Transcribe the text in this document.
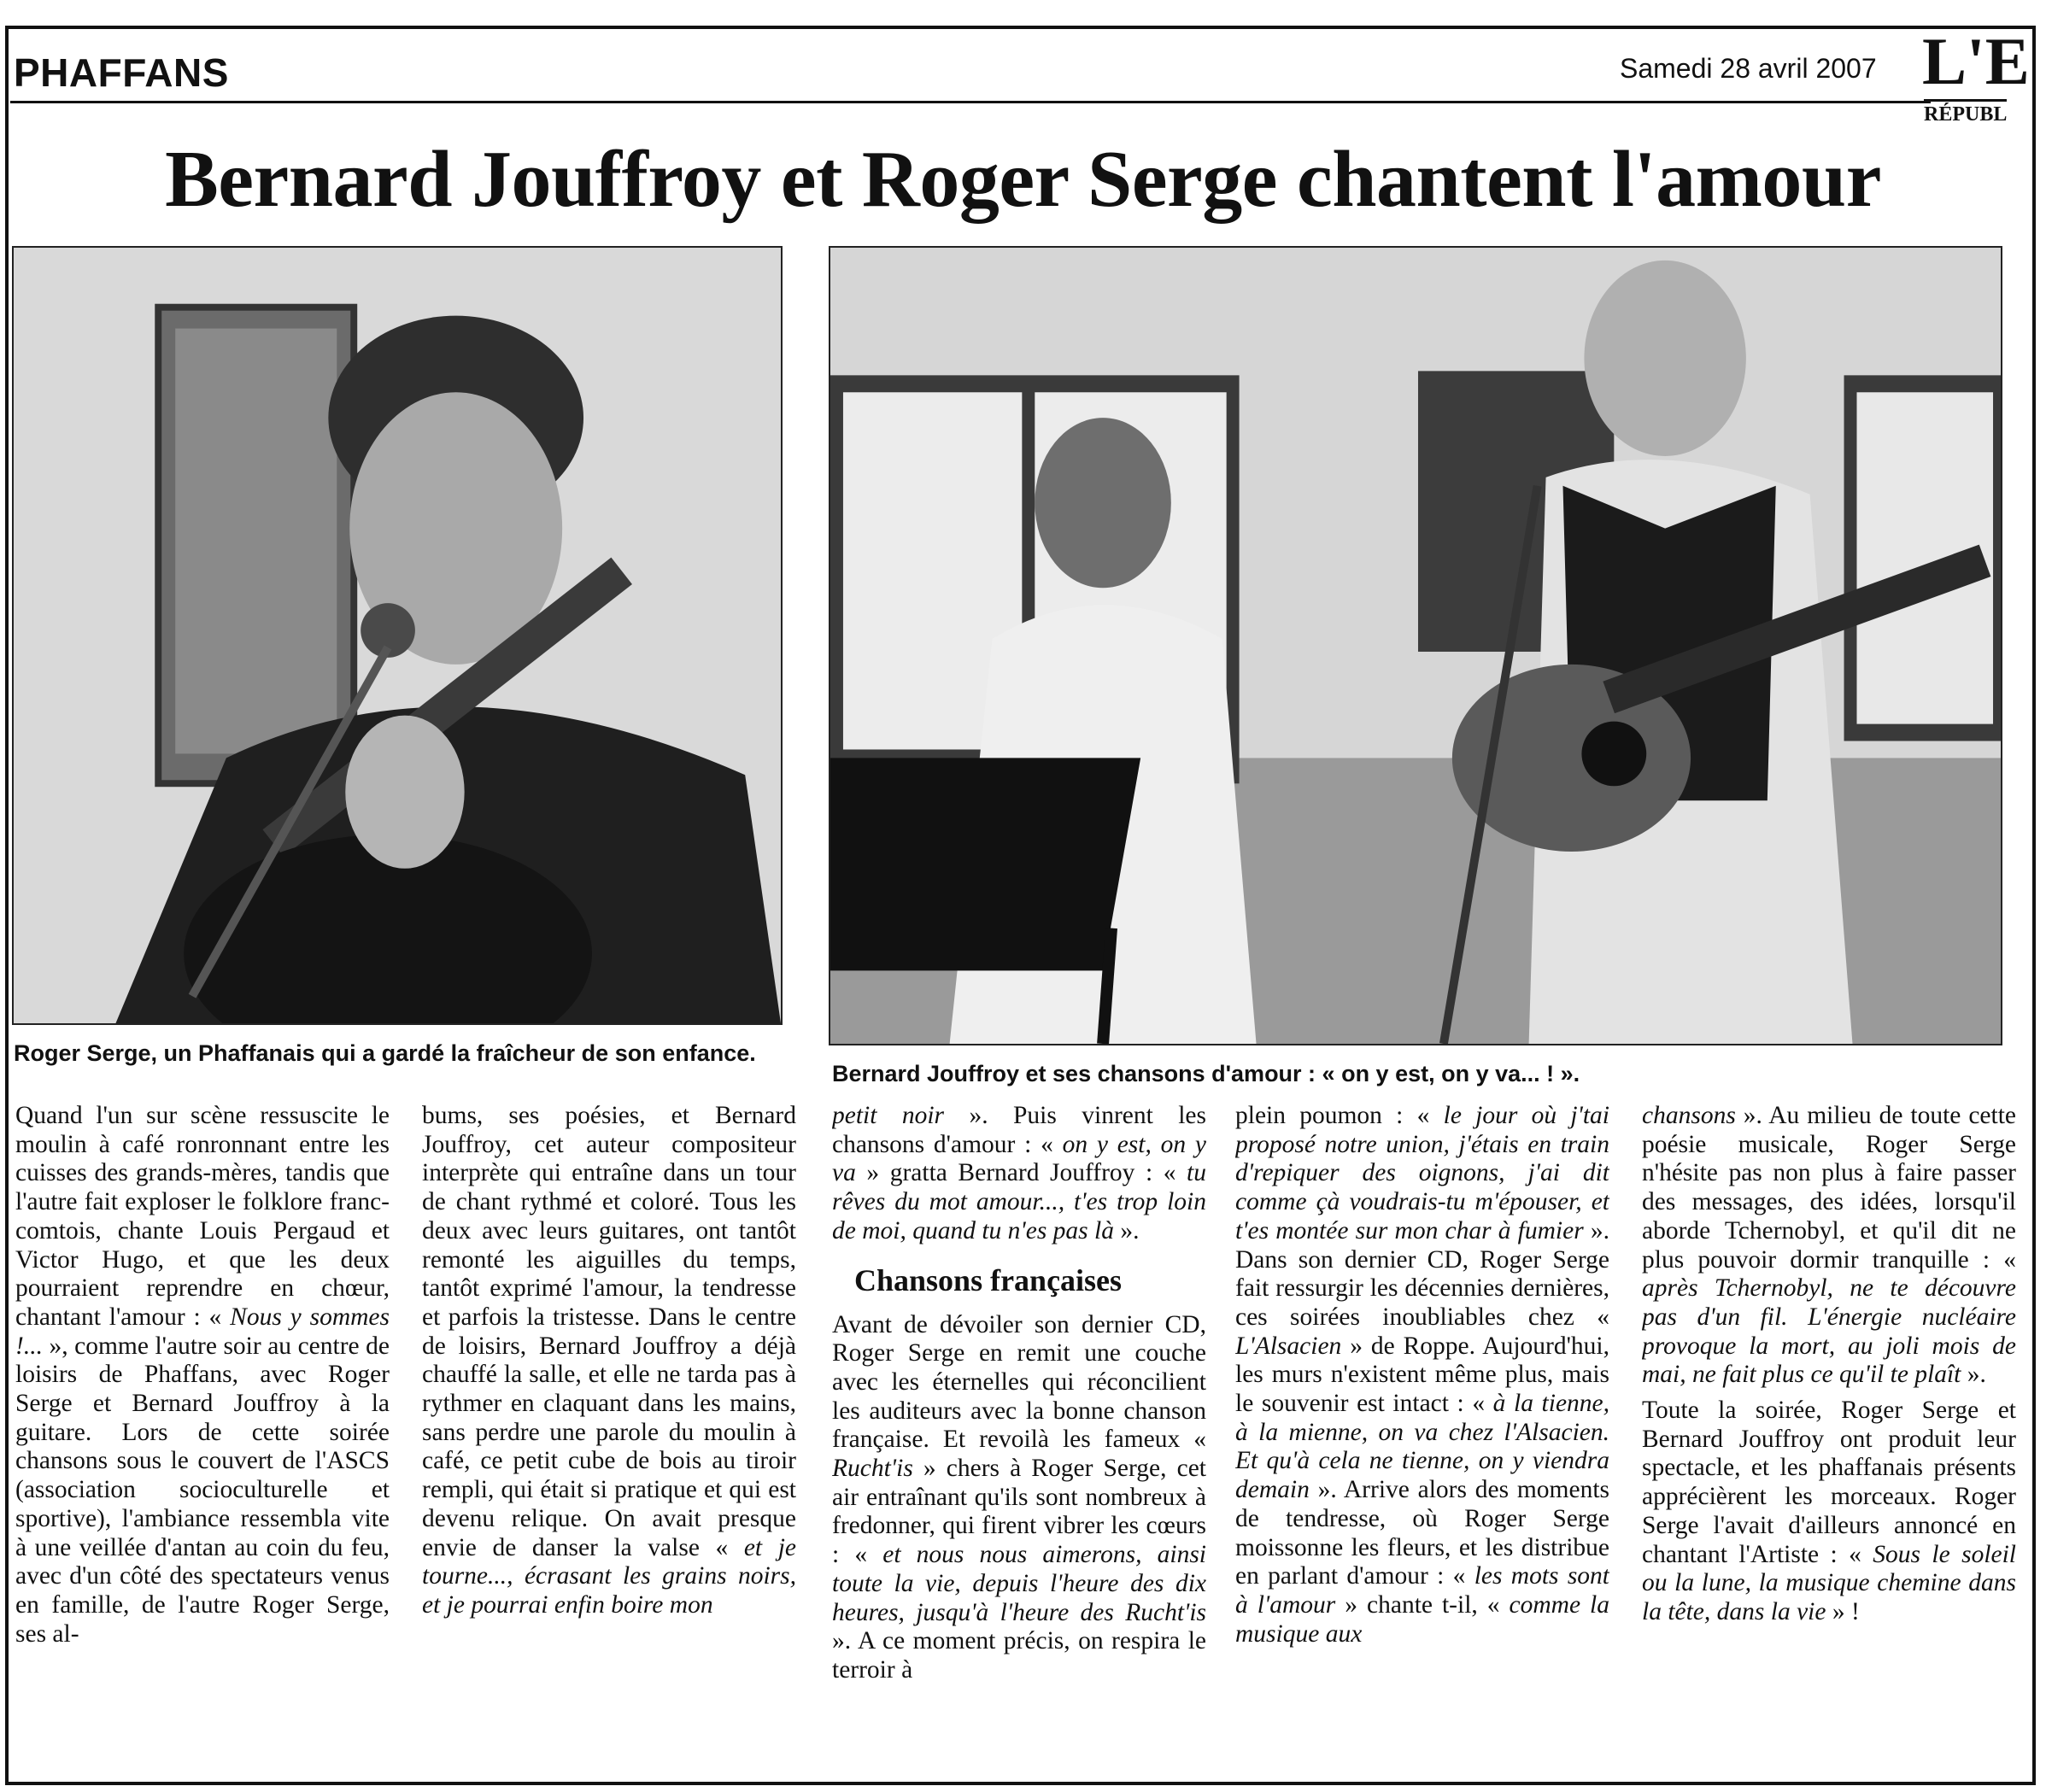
PHAFFANS	Samedi 28 avril 2007 L'E
RÉPUBL
Bernard Jouffroy et Roger Serge chantent l'amour
Roger Serge, un Phaffanais qui a gardé la fraîcheur de son enfance.
Bernard Jouffroy et ses chansons d'amour : « on y est, on y va... ! ».

Quand l'un sur scène ressuscite le moulin à café ronronnant entre les cuisses des grands-mères, tandis que l'autre fait exploser le folklore franc-comtois, chante Louis Pergaud et Victor Hugo, et que les deux pourraient reprendre en chœur, chantant l'amour : « Nous y sommes !... », comme l'autre soir au centre de loisirs de Phaffans, avec Roger Serge et Bernard Jouffroy à la guitare. Lors de cette soirée chansons sous le couvert de l'ASCS (association socioculturelle et sportive), l'ambiance ressembla vite à une veillée d'antan au coin du feu, avec d'un côté des spectateurs venus en famille, de l'autre Roger Serge, ses al-

bums, ses poésies, et Bernard Jouffroy, cet auteur compositeur interprète qui entraîne dans un tour de chant rythmé et coloré. Tous les deux avec leurs guitares, ont tantôt remonté les aiguilles du temps, tantôt exprimé l'amour, la tendresse et parfois la tristesse. Dans le centre de loisirs, Bernard Jouffroy a déjà chauffé la salle, et elle ne tarda pas à rythmer en claquant dans les mains, sans perdre une parole du moulin à café, ce petit cube de bois au tiroir rempli, qui était si pratique et qui est devenu relique. On avait presque envie de danser la valse « et je tourne..., écrasant les grains noirs, et je pourrai enfin boire mon

petit noir ». Puis vinrent les chansons d'amour : « on y est, on y va » gratta Bernard Jouffroy : « tu rêves du mot amour..., t'es trop loin de moi, quand tu n'es pas là ».

Chansons françaises

Avant de dévoiler son dernier CD, Roger Serge en remit une couche avec les éternelles qui réconcilient les auditeurs avec la bonne chanson française. Et revoilà les fameux « Rucht'is » chers à Roger Serge, cet air entraînant qu'ils sont nombreux à fredonner, qui firent vibrer les cœurs : « et nous nous aimerons, ainsi toute la vie, depuis l'heure des dix heures, jusqu'à l'heure des Rucht'is ». A ce moment précis, on respira le terroir à

plein poumon : « le jour où j'tai proposé notre union, j'étais en train d'repiquer des oignons, j'ai dit comme çà voudrais-tu m'épouser, et t'es montée sur mon char à fumier ». Dans son dernier CD, Roger Serge fait ressurgir les décennies dernières, ces soirées inoubliables chez « L'Alsacien » de Roppe. Aujourd'hui, les murs n'existent même plus, mais le souvenir est intact : « à la tienne, à la mienne, on va chez l'Alsacien. Et qu'à cela ne tienne, on y viendra demain ». Arrive alors des moments de tendresse, où Roger Serge moissonne les fleurs, et les distribue en parlant d'amour : « les mots sont à l'amour » chante t-il, « comme la musique aux

chansons ». Au milieu de toute cette poésie musicale, Roger Serge n'hésite pas non plus à faire passer des messages, des idées, lorsqu'il aborde Tchernobyl, et qu'il dit ne plus pouvoir dormir tranquille : « après Tchernobyl, ne te découvre pas d'un fil. L'énergie nucléaire provoque la mort, au joli mois de mai, ne fait plus ce qu'il te plaît ».

Toute la soirée, Roger Serge et Bernard Jouffroy ont produit leur spectacle, et les phaffanais présents apprécièrent les morceaux. Roger Serge l'avait d'ailleurs annoncé en chantant l'Artiste : « Sous le soleil ou la lune, la musique chemine dans la tête, dans la vie » !
